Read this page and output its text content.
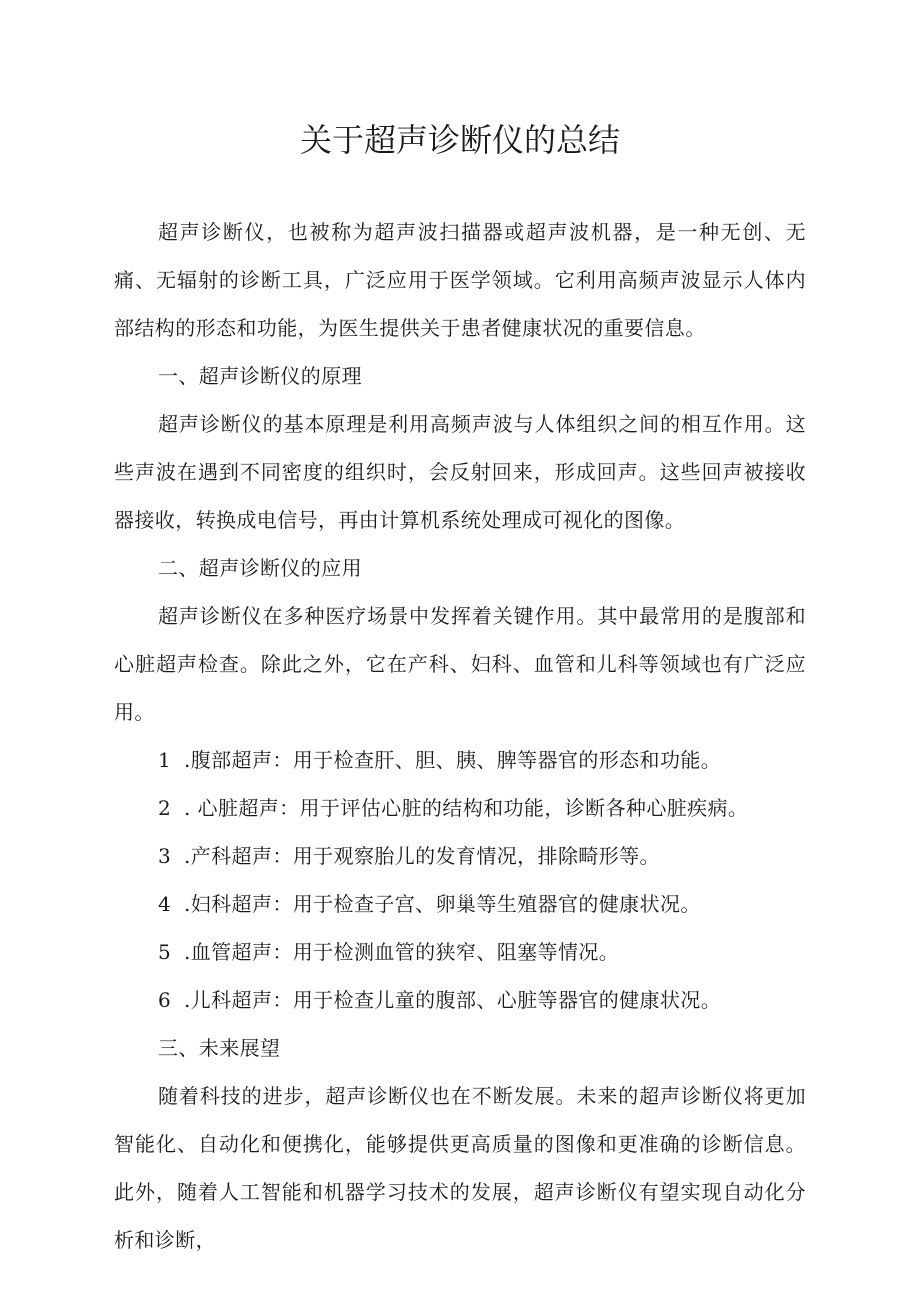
关于超声诊断仪的总结

超声诊断仪，也被称为超声波扫描器或超声波机器，是一种无创、无痛、无辐射的诊断工具，广泛应用于医学领域。它利用高频声波显示人体内部结构的形态和功能，为医生提供关于患者健康状况的重要信息。

一、超声诊断仪的原理

超声诊断仪的基本原理是利用高频声波与人体组织之间的相互作用。这些声波在遇到不同密度的组织时，会反射回来，形成回声。这些回声被接收器接收，转换成电信号，再由计算机系统处理成可视化的图像。

二、超声诊断仪的应用

超声诊断仪在多种医疗场景中发挥着关键作用。其中最常用的是腹部和心脏超声检查。除此之外，它在产科、妇科、血管和儿科等领域也有广泛应用。

1 .腹部超声：用于检查肝、胆、胰、脾等器官的形态和功能。

2 . 心脏超声：用于评估心脏的结构和功能，诊断各种心脏疾病。

3 .产科超声：用于观察胎儿的发育情况，排除畸形等。

4 .妇科超声：用于检查子宫、卵巢等生殖器官的健康状况。

5 .血管超声：用于检测血管的狭窄、阻塞等情况。

6 .儿科超声：用于检查儿童的腹部、心脏等器官的健康状况。

三、未来展望

随着科技的进步，超声诊断仪也在不断发展。未来的超声诊断仪将更加智能化、自动化和便携化，能够提供更高质量的图像和更准确的诊断信息。此外，随着人工智能和机器学习技术的发展，超声诊断仪有望实现自动化分析和诊断，
